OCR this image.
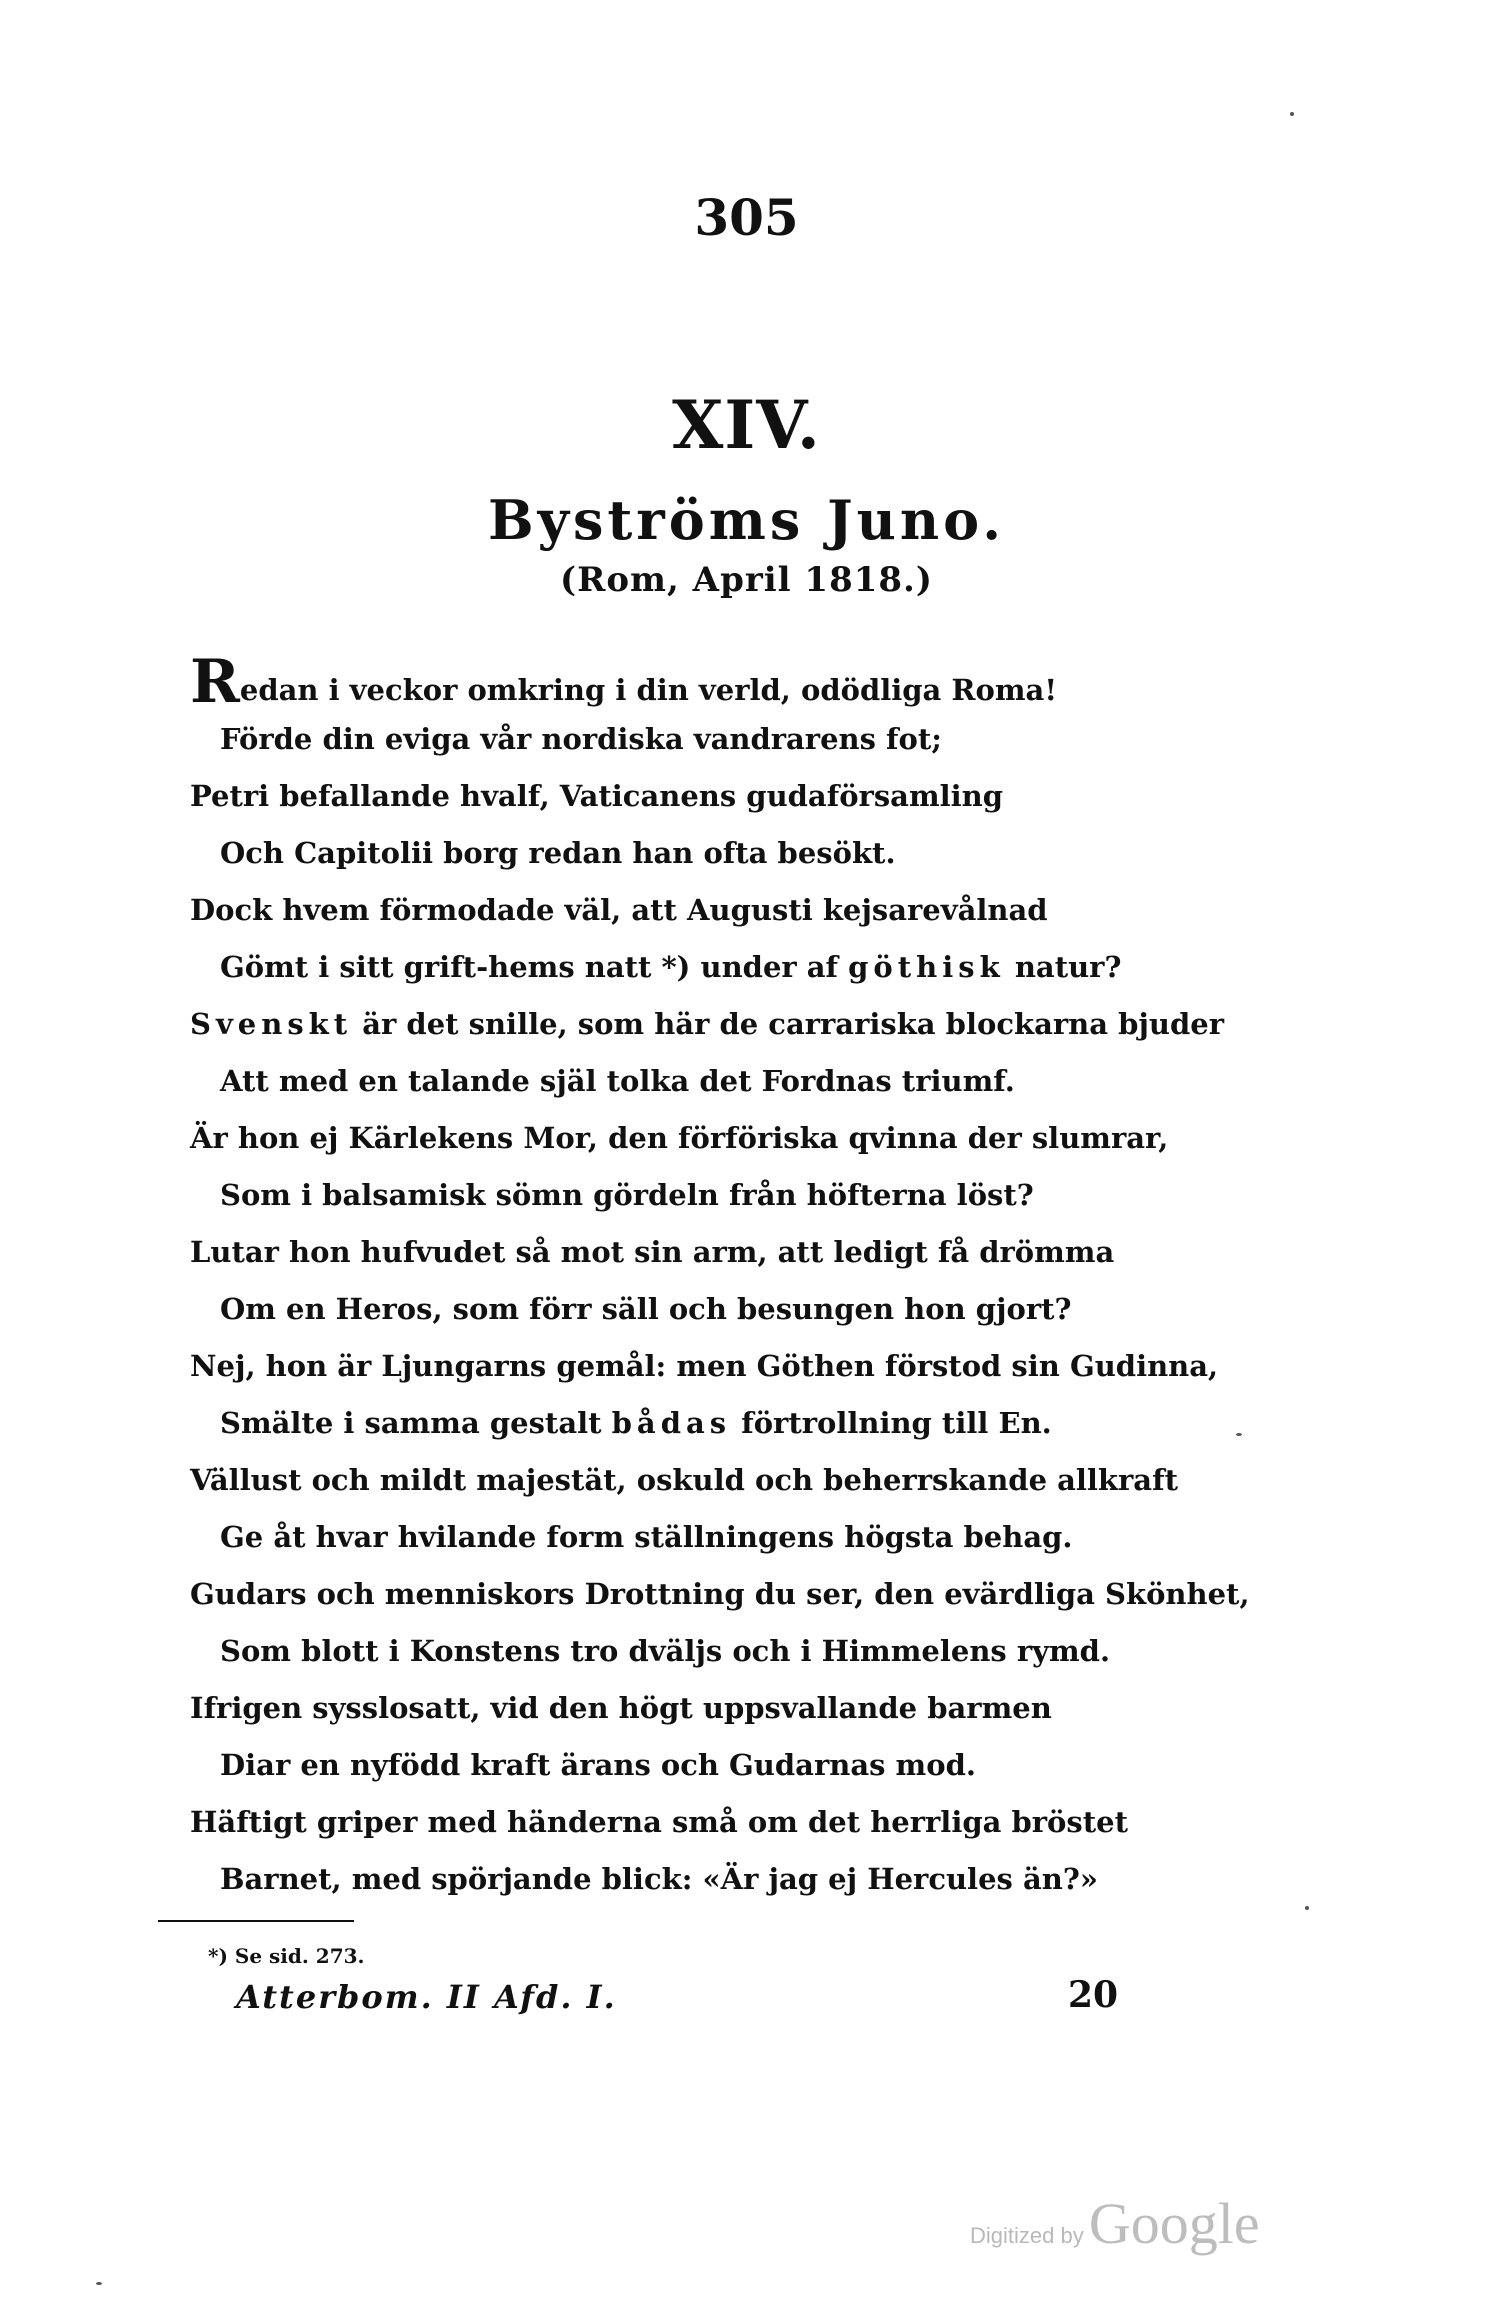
305
XIV.
Byströms Juno.
(Rom, April 1818.)
Redan i veckor omkring i din verld, odödliga Roma!
Förde din eviga vår nordiska vandrarens fot;
Petri befallande hvalf, Vaticanens gudaförsamling
Och Capitolii borg redan han ofta besökt.
Dock hvem förmodade väl, att Augusti kejsarevålnad
Gömt i sitt grift-hems natt *) under af göthisk natur?
Svenskt är det snille, som här de carrariska blockarna bjuder
Att med en talande själ tolka det Fordnas triumf.
Är hon ej Kärlekens Mor, den förföriska qvinna der slumrar,
Som i balsamisk sömn gördeln från höfterna löst?
Lutar hon hufvudet så mot sin arm, att ledigt få drömma
Om en Heros, som förr säll och besungen hon gjort?
Nej, hon är Ljungarns gemål: men Göthen förstod sin Gudinna,
Smälte i samma gestalt bådas förtrollning till En.
Vällust och mildt majestät, oskuld och beherrskande allkraft
Ge åt hvar hvilande form ställningens högsta behag.
Gudars och menniskors Drottning du ser, den evärdliga Skönhet,
Som blott i Konstens tro dväljs och i Himmelens rymd.
Ifrigen sysslosatt, vid den högt uppsvallande barmen
Diar en nyfödd kraft ärans och Gudarnas mod.
Häftigt griper med händerna små om det herrliga bröstet
Barnet, med spörjande blick: «Är jag ej Hercules än?»
*) Se sid. 273.
Atterbom. II Afd. I.	20
Digitized by Google
